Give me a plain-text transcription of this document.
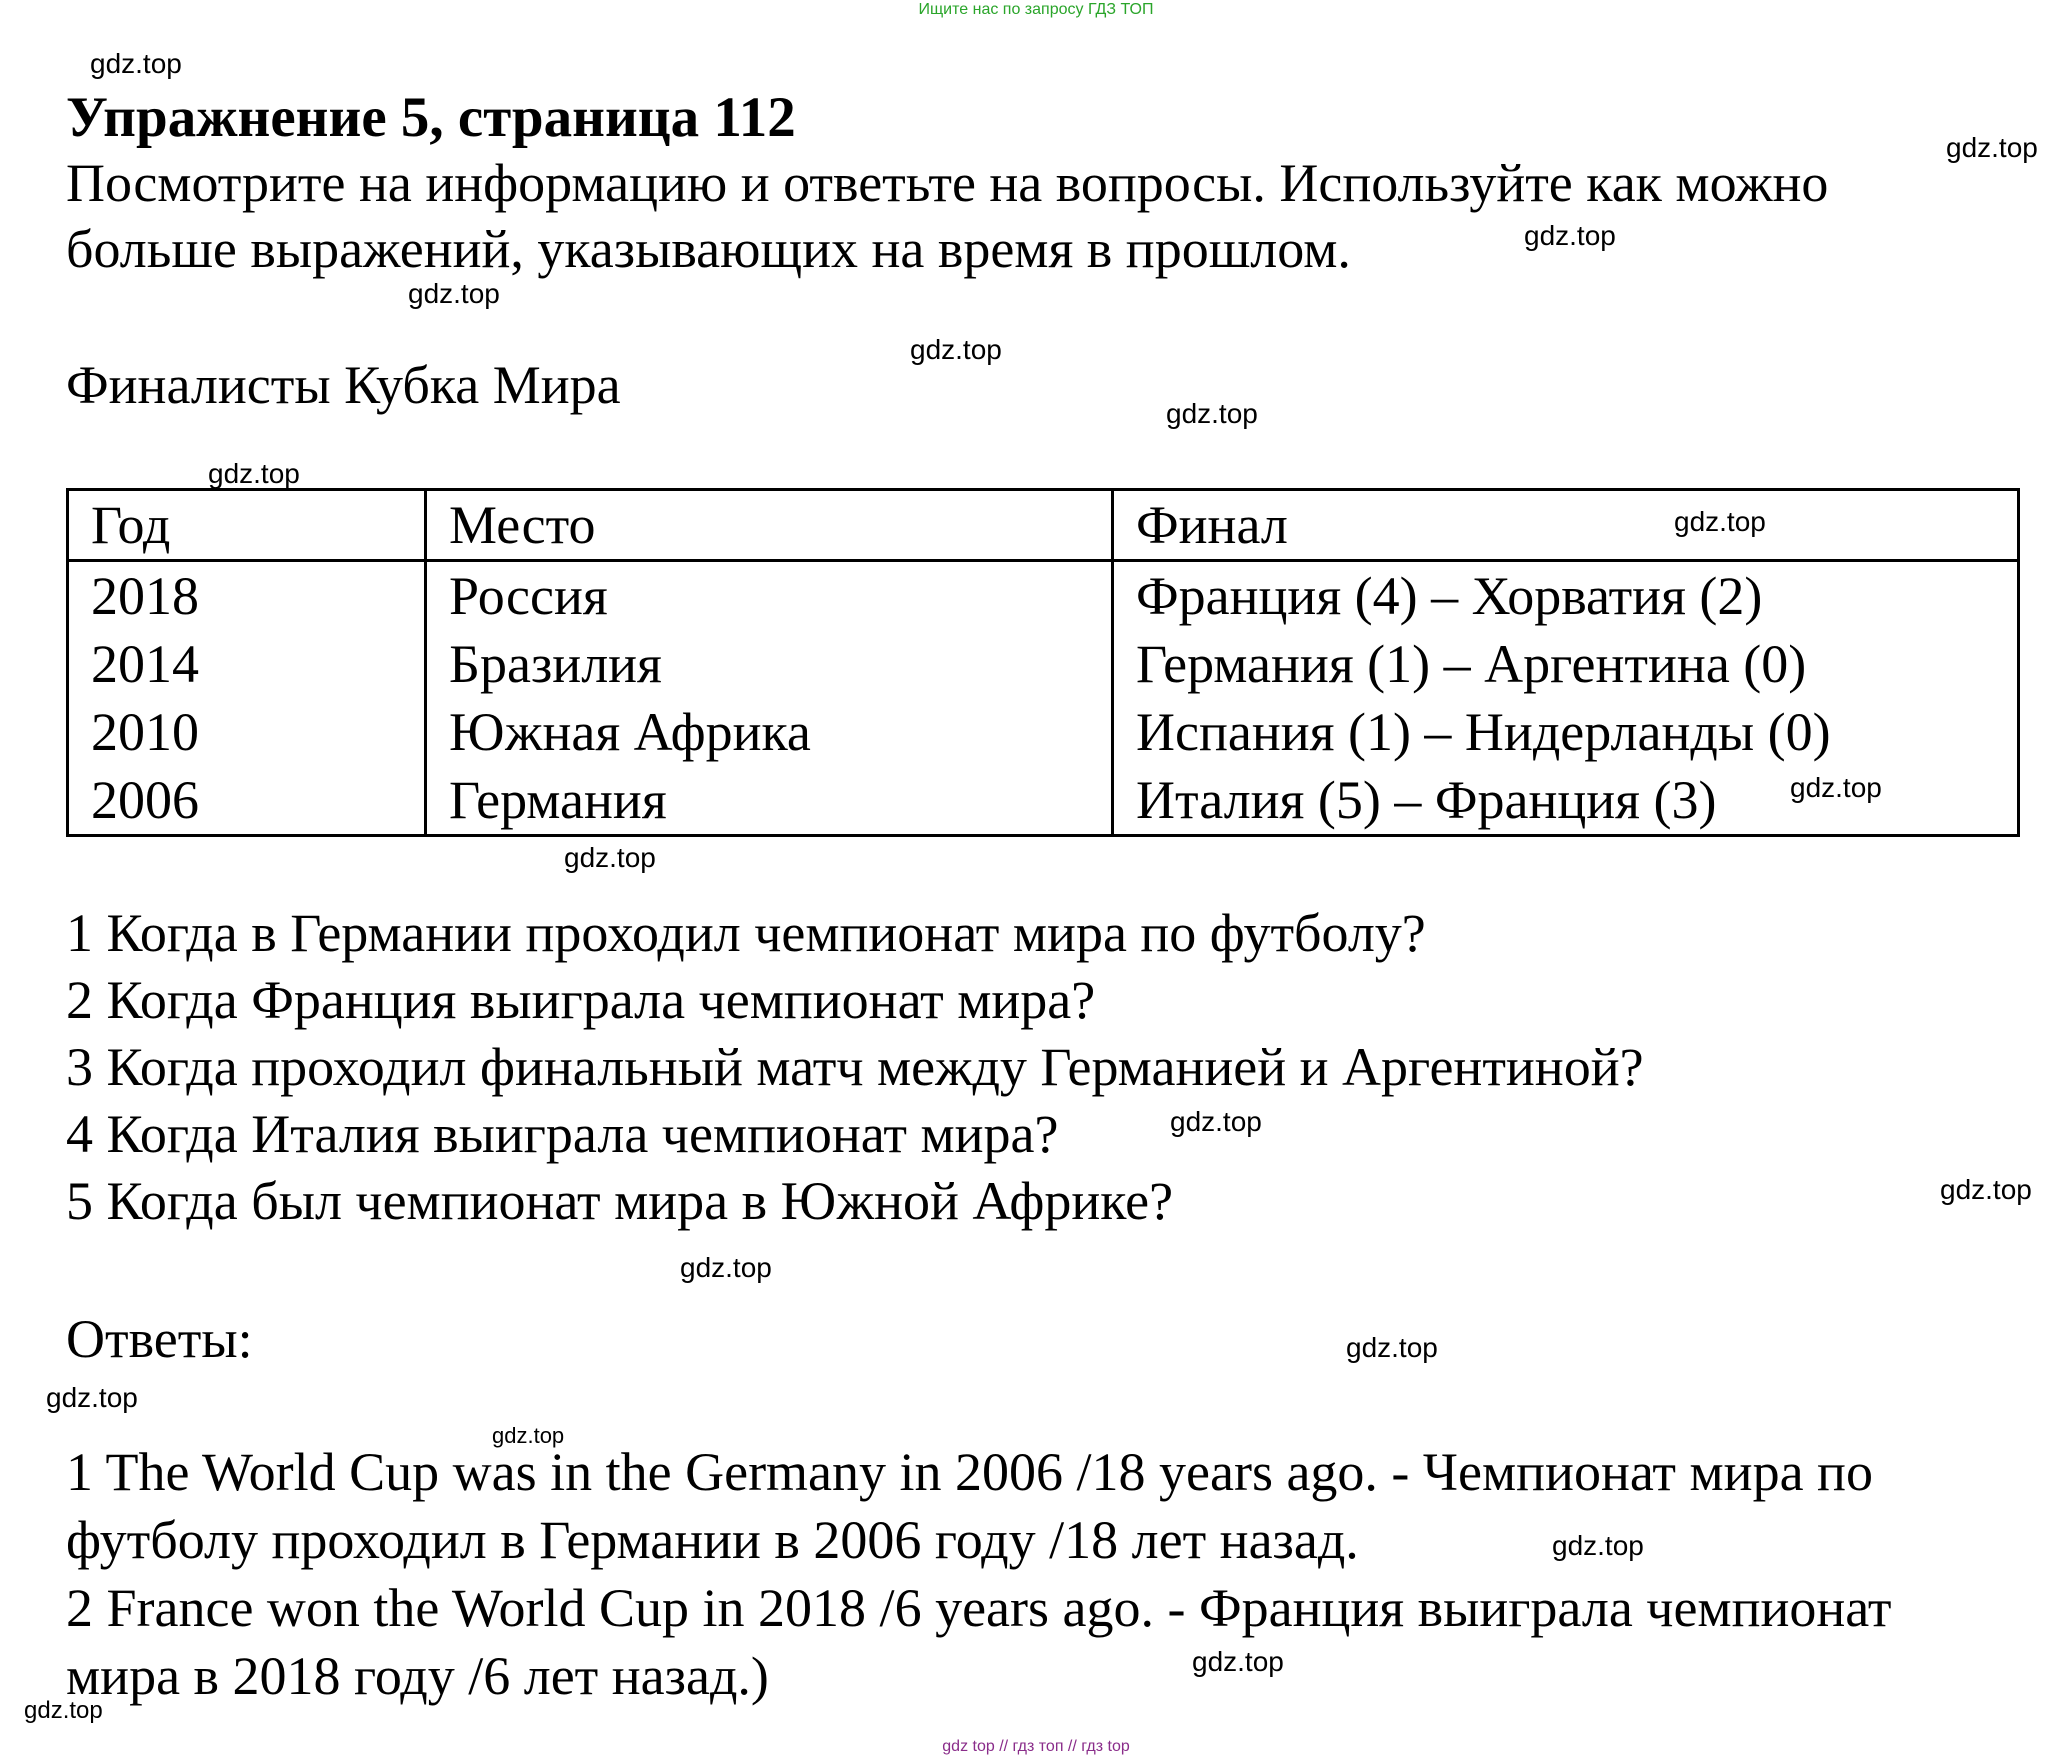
Ищите нас по запросу ГДЗ ТОП
Упражнение 5, страница 112
Посмотрите на информацию и ответьте на вопросы. Используйте как можно
больше выражений, указывающих на время в прошлом.
Финалисты Кубка Мира
Год	Место	Финал
2018	Россия	Франция (4) – Хорватия (2)
2014	Бразилия	Германия (1) – Аргентина (0)
2010	Южная Африка	Испания (1) – Нидерланды (0)
2006	Германия	Италия (5) – Франция (3)
1 Когда в Германии проходил чемпионат мира по футболу?
2 Когда Франция выиграла чемпионат мира?
3 Когда проходил финальный матч между Германией и Аргентиной?
4 Когда Италия выиграла чемпионат мира?
5 Когда был чемпионат мира в Южной Африке?
Ответы:
1 The World Cup was in the Germany in 2006 /18 years ago. - Чемпионат мира по
футболу проходил в Германии в 2006 году /18 лет назад.
2 France won the World Cup in 2018 /6 years ago. - Франция выиграла чемпионат
мира в 2018 году /6 лет назад.)
gdz.top
gdz.top
gdz.top
gdz.top
gdz.top
gdz.top
gdz.top
gdz.top
gdz.top
gdz.top
gdz.top
gdz.top
gdz.top
gdz.top
gdz.top
gdz.top
gdz.top
gdz.top
gdz.top
gdz top // гдз топ // гдз top
